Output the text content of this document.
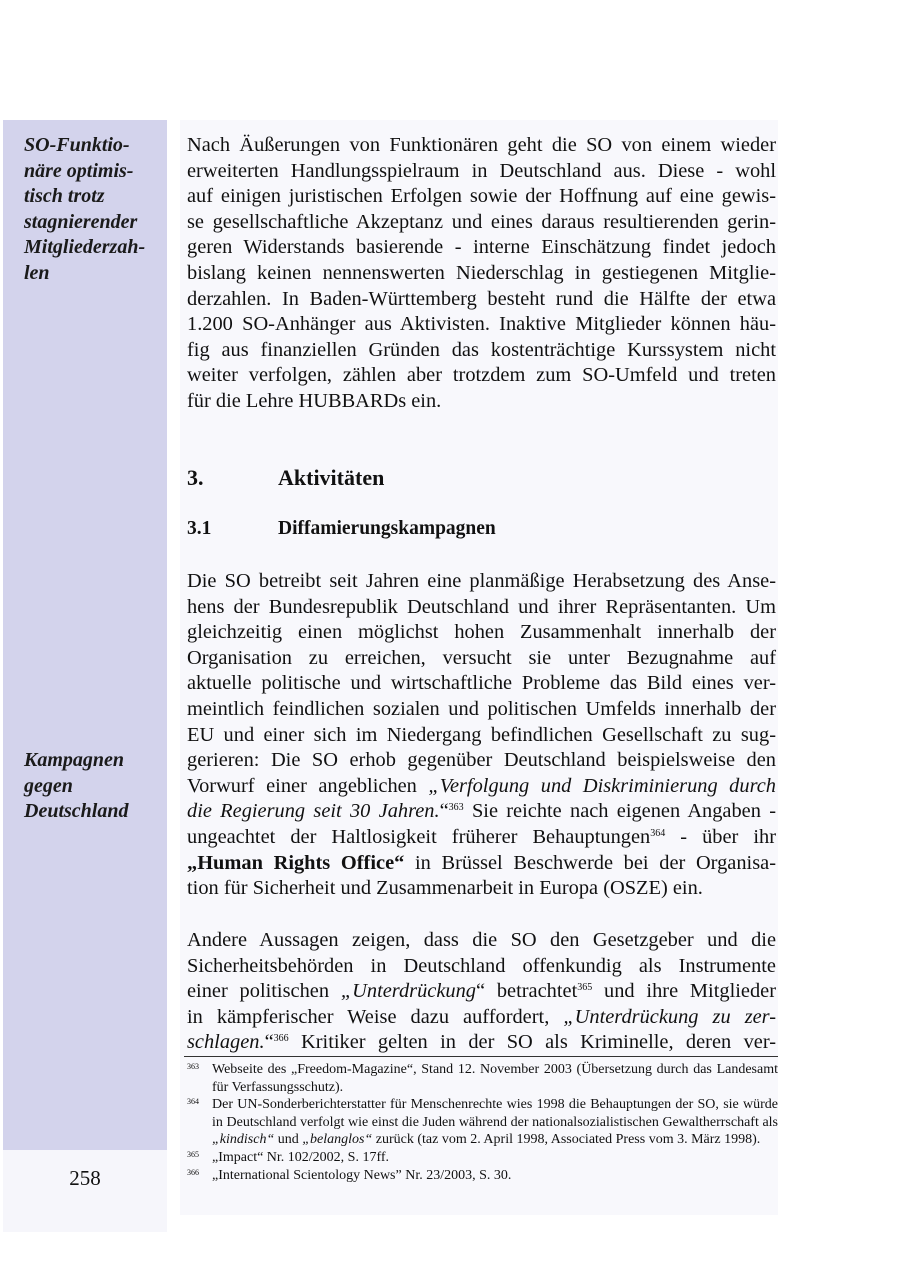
258
SO-Funktio-
näre optimis-
tisch trotz
stagnierender
Mitgliederzah-
len
Kampagnen
gegen
Deutschland
Nach Äußerungen von Funktionären geht die SO von einem wieder
erweiterten Handlungsspielraum in Deutschland aus. Diese - wohl
auf einigen juristischen Erfolgen sowie der Hoffnung auf eine gewis-
se gesellschaftliche Akzeptanz und eines daraus resultierenden gerin-
geren Widerstands basierende - interne Einschätzung findet jedoch
bislang keinen nennenswerten Niederschlag in gestiegenen Mitglie-
derzahlen. In Baden-Württemberg besteht rund die Hälfte der etwa
1.200 SO-Anhänger aus Aktivisten. Inaktive Mitglieder können häu-
fig aus finanziellen Gründen das kostenträchtige Kurssystem nicht
weiter verfolgen, zählen aber trotzdem zum SO-Umfeld und treten
für die Lehre HUBBARDs ein.
3.	Aktivitäten
3.1	Diffamierungskampagnen
Die SO betreibt seit Jahren eine planmäßige Herabsetzung des Anse-
hens der Bundesrepublik Deutschland und ihrer Repräsentanten. Um
gleichzeitig einen möglichst hohen Zusammenhalt innerhalb der
Organisation zu erreichen, versucht sie unter Bezugnahme auf
aktuelle politische und wirtschaftliche Probleme das Bild eines ver-
meintlich feindlichen sozialen und politischen Umfelds innerhalb der
EU und einer sich im Niedergang befindlichen Gesellschaft zu sug-
gerieren: Die SO erhob gegenüber Deutschland beispielsweise den
Vorwurf einer angeblichen „Verfolgung und Diskriminierung durch
die Regierung seit 30 Jahren.“$^{363}$ Sie reichte nach eigenen Angaben -
ungeachtet der Haltlosigkeit früherer Behauptungen$^{364}$ - über ihr
„Human Rights Office“ in Brüssel Beschwerde bei der Organisa-
tion für Sicherheit und Zusammenarbeit in Europa (OSZE) ein.
Andere Aussagen zeigen, dass die SO den Gesetzgeber und die
Sicherheitsbehörden in Deutschland offenkundig als Instrumente
einer politischen „Unterdrückung“ betrachtet$^{365}$ und ihre Mitglieder
in kämpferischer Weise dazu auffordert, „Unterdrückung zu zer-
schlagen.“$^{366}$ Kritiker gelten in der SO als Kriminelle, deren ver-
363 Webseite des „Freedom-Magazine“, Stand 12. November 2003 (Übersetzung durch das Landesamt für Verfassungsschutz).
364 Der UN-Sonderberichterstatter für Menschenrechte wies 1998 die Behauptungen der SO, sie würde in Deutschland verfolgt wie einst die Juden während der nationalsozialistischen Gewaltherrschaft als „kindisch“ und „belanglos“ zurück (taz vom 2. April 1998, Associated Press vom 3. März 1998).
365 „Impact“ Nr. 102/2002, S. 17ff.
366 „International Scientology News” Nr. 23/2003, S. 30.
